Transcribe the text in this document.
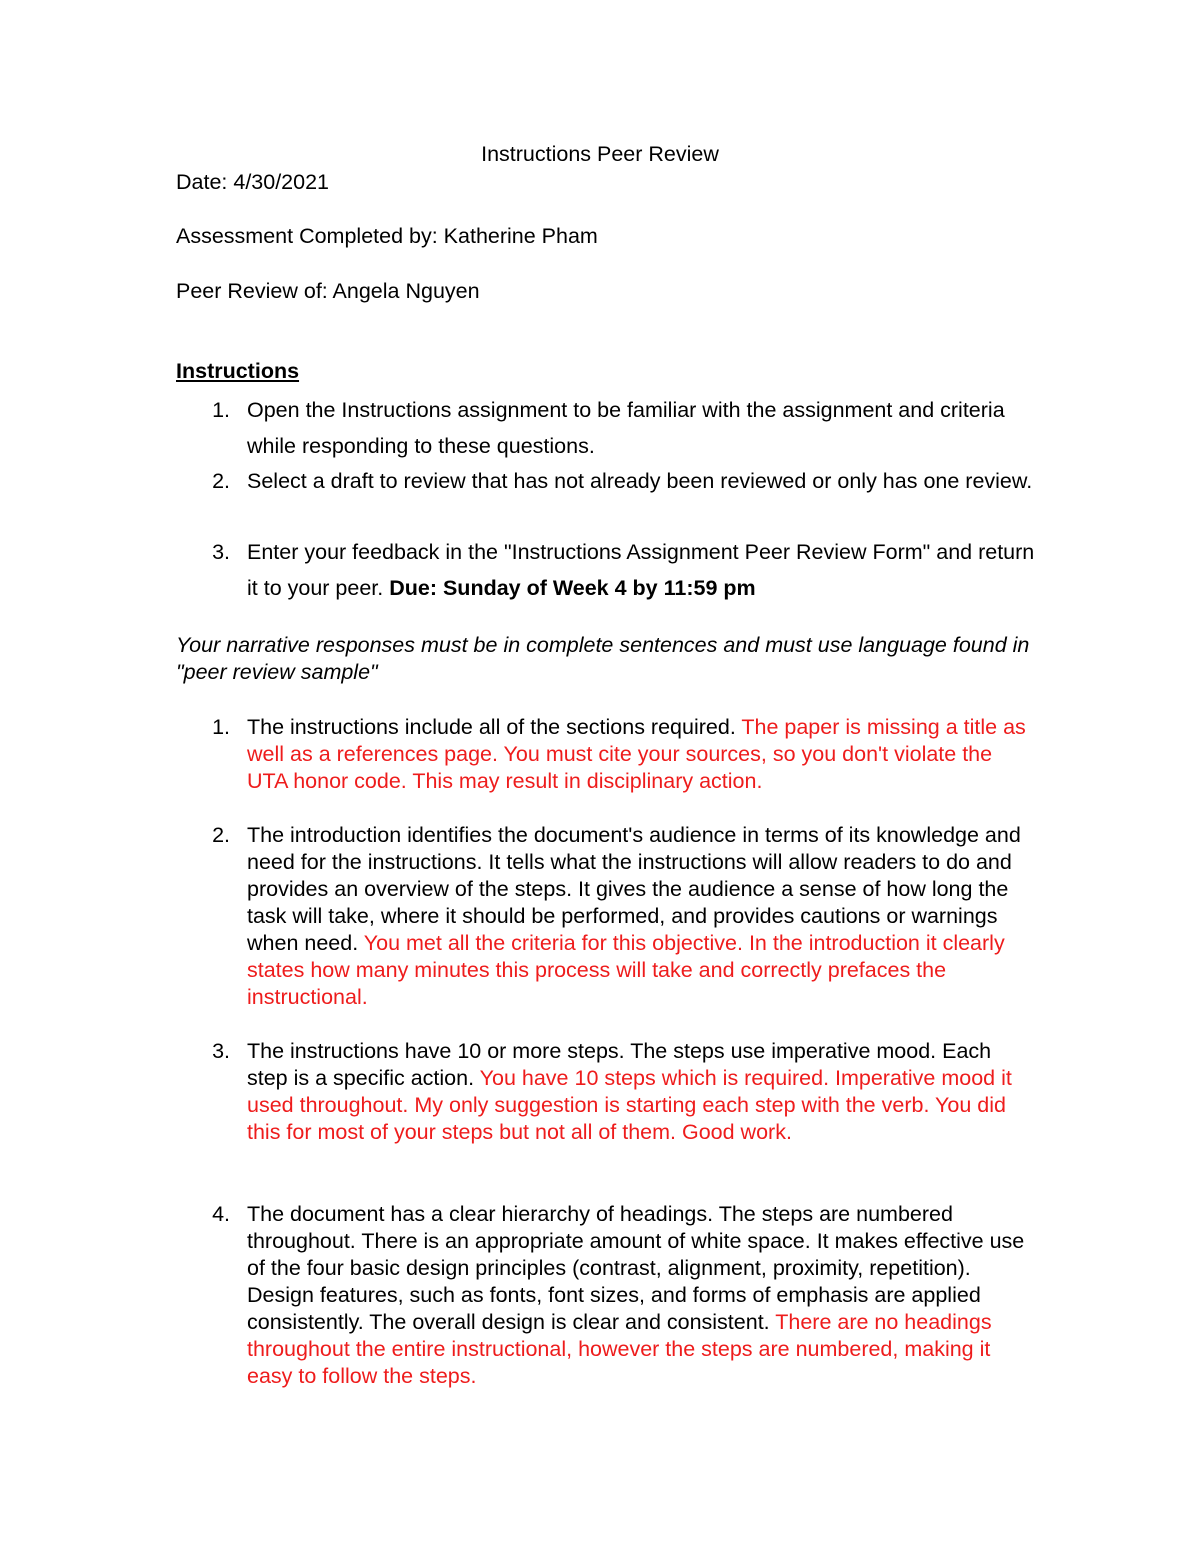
Instructions Peer Review

Date: 4/30/2021

Assessment Completed by: Katherine Pham

Peer Review of: Angela Nguyen

Instructions

1. Open the Instructions assignment to be familiar with the assignment and criteria while responding to these questions.
2. Select a draft to review that has not already been reviewed or only has one review.
3. Enter your feedback in the "Instructions Assignment Peer Review Form" and return it to your peer. Due: Sunday of Week 4 by 11:59 pm

Your narrative responses must be in complete sentences and must use language found in "peer review sample"

1. The instructions include all of the sections required. The paper is missing a title as well as a references page. You must cite your sources, so you don't violate the UTA honor code. This may result in disciplinary action.
2. The introduction identifies the document's audience in terms of its knowledge and need for the instructions. It tells what the instructions will allow readers to do and provides an overview of the steps. It gives the audience a sense of how long the task will take, where it should be performed, and provides cautions or warnings when need. You met all the criteria for this objective. In the introduction it clearly states how many minutes this process will take and correctly prefaces the instructional.
3. The instructions have 10 or more steps. The steps use imperative mood. Each step is a specific action. You have 10 steps which is required. Imperative mood it used throughout. My only suggestion is starting each step with the verb. You did this for most of your steps but not all of them. Good work.
4. The document has a clear hierarchy of headings. The steps are numbered throughout. There is an appropriate amount of white space. It makes effective use of the four basic design principles (contrast, alignment, proximity, repetition). Design features, such as fonts, font sizes, and forms of emphasis are applied consistently. The overall design is clear and consistent. There are no headings throughout the entire instructional, however the steps are numbered, making it easy to follow the steps.
